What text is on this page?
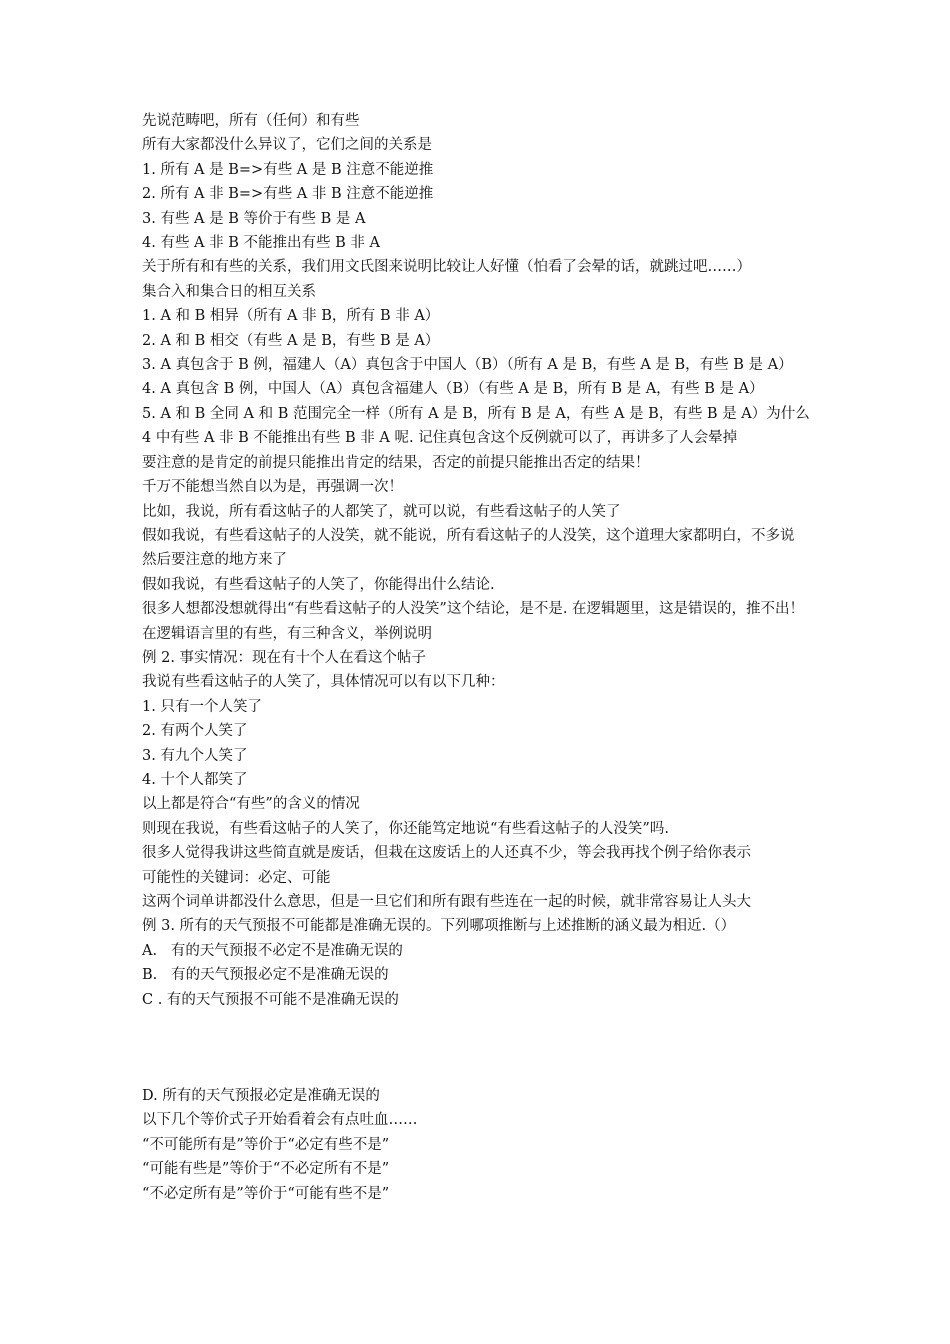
先说范畴吧，所有（任何）和有些
所有大家都没什么异议了，它们之间的关系是
1. 所有 A 是 B=>有些 A 是 B 注意不能逆推
2. 所有 A 非 B=>有些 A 非 B 注意不能逆推
3. 有些 A 是 B 等价于有些 B 是 A
4. 有些 A 非 B 不能推出有些 B 非 A
关于所有和有些的关系，我们用文氏图来说明比较让人好懂（怕看了会晕的话，就跳过吧……）
集合入和集合日的相互关系
1. A 和 B 相异（所有 A 非 B，所有 B 非 A）
2. A 和 B 相交（有些 A 是 B，有些 B 是 A）
3. A 真包含于 B 例，福建人（A）真包含于中国人（B）（所有 A 是 B，有些 A 是 B，有些 B 是 A）
4. A 真包含 B 例，中国人（A）真包含福建人（B）（有些 A 是 B，所有 B 是 A，有些 B 是 A）
5. A 和 B 全同 A 和 B 范围完全一样（所有 A 是 B，所有 B 是 A，有些 A 是 B，有些 B 是 A）为什么 4 中有些 A 非 B 不能推出有些 B 非 A 呢. 记住真包含这个反例就可以了，再讲多了人会晕掉
要注意的是肯定的前提只能推出肯定的结果，否定的前提只能推出否定的结果！
千万不能想当然自以为是，再强调一次！
比如，我说，所有看这帖子的人都笑了，就可以说，有些看这帖子的人笑了
假如我说，有些看这帖子的人没笑，就不能说，所有看这帖子的人没笑，这个道理大家都明白，不多说
然后要注意的地方来了
假如我说，有些看这帖子的人笑了，你能得出什么结论.
很多人想都没想就得出“有些看这帖子的人没笑”这个结论，是不是. 在逻辑题里，这是错误的，推不出！
在逻辑语言里的有些，有三种含义，举例说明
例 2. 事实情况：现在有十个人在看这个帖子
我说有些看这帖子的人笑了，具体情况可以有以下几种：
1. 只有一个人笑了
2. 有两个人笑了
3. 有九个人笑了
4. 十个人都笑了
以上都是符合“有些”的含义的情况
则现在我说，有些看这帖子的人笑了，你还能笃定地说“有些看这帖子的人没笑”吗.
很多人觉得我讲这些简直就是废话，但栽在这废话上的人还真不少，等会我再找个例子给你表示
可能性的关键词：必定、可能
这两个词单讲都没什么意思，但是一旦它们和所有跟有些连在一起的时候，就非常容易让人头大
例 3. 所有的天气预报不可能都是准确无误的。下列哪项推断与上述推断的涵义最为相近.（）
A.   有的天气预报不必定不是准确无误的
B.   有的天气预报必定不是准确无误的
C . 有的天气预报不可能不是准确无误的
D. 所有的天气预报必定是准确无误的
以下几个等价式子开始看着会有点吐血……
“不可能所有是”等价于“必定有些不是”
“可能有些是”等价于“不必定所有不是”
“不必定所有是”等价于“可能有些不是”
